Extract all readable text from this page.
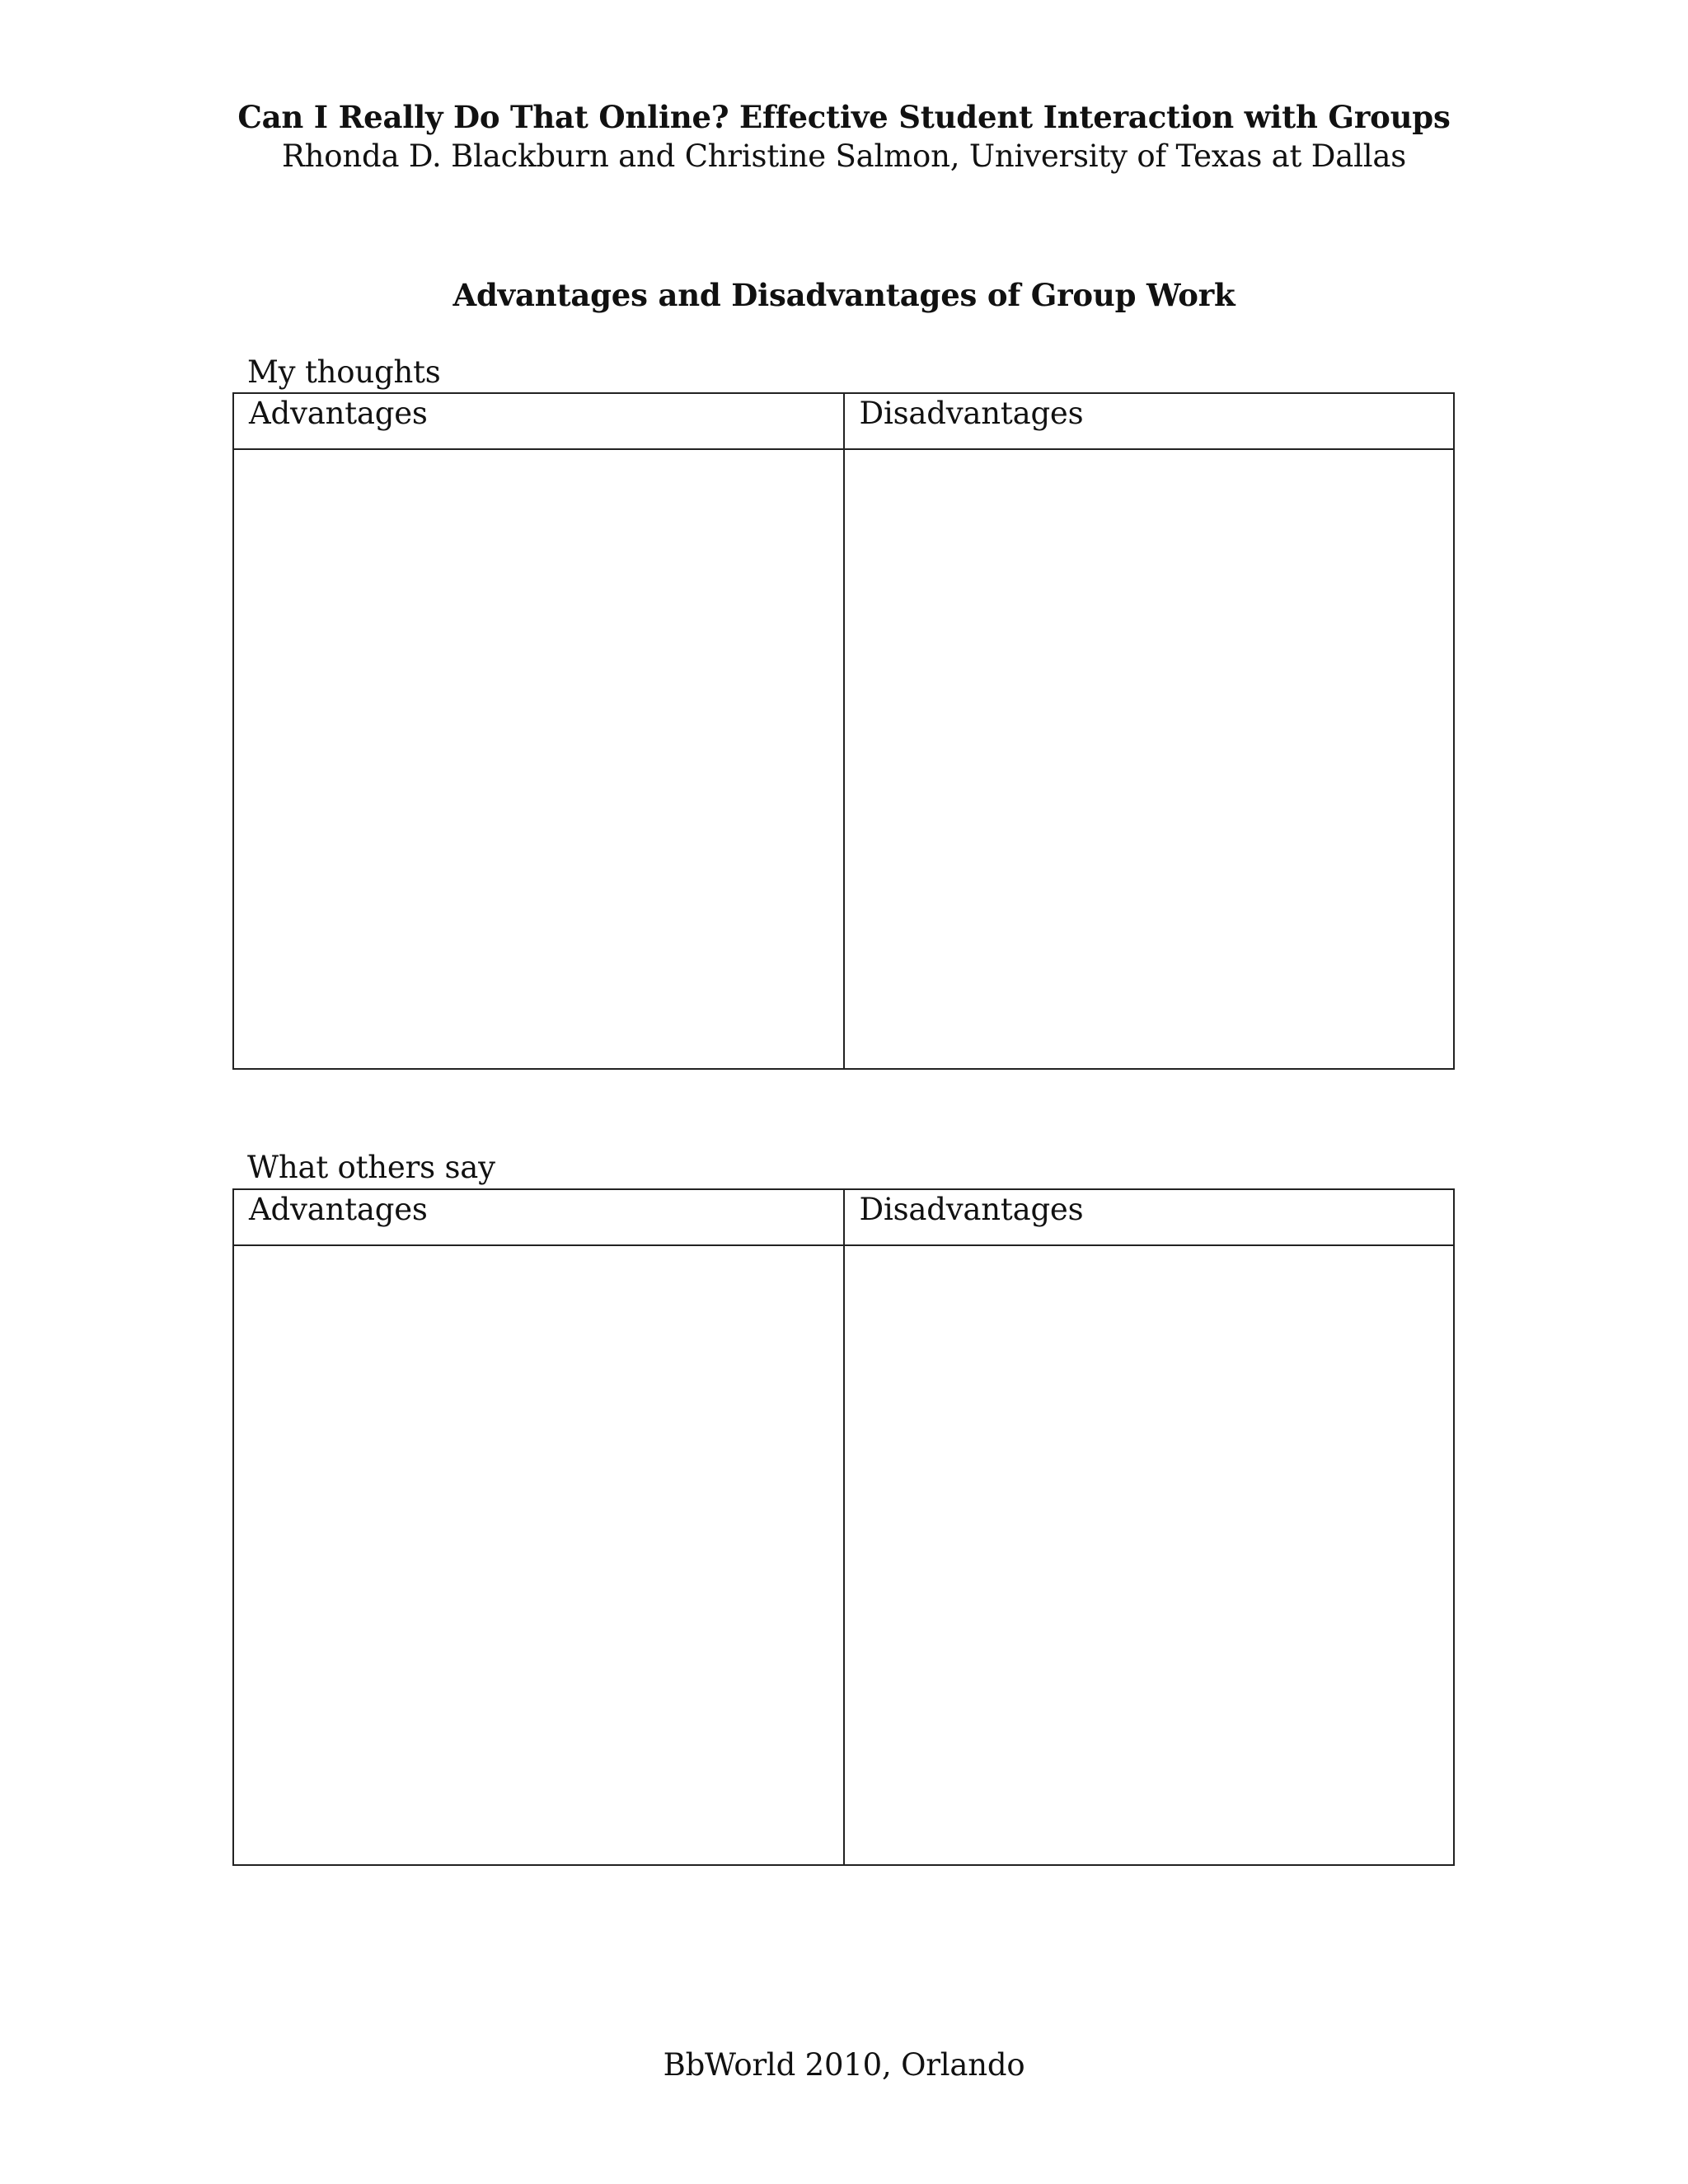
Can I Really Do That Online? Effective Student Interaction with Groups
Rhonda D. Blackburn and Christine Salmon, University of Texas at Dallas
Advantages and Disadvantages of Group Work
My thoughts
Advantages	Disadvantages

What others say
Advantages	Disadvantages

BbWorld 2010, Orlando
